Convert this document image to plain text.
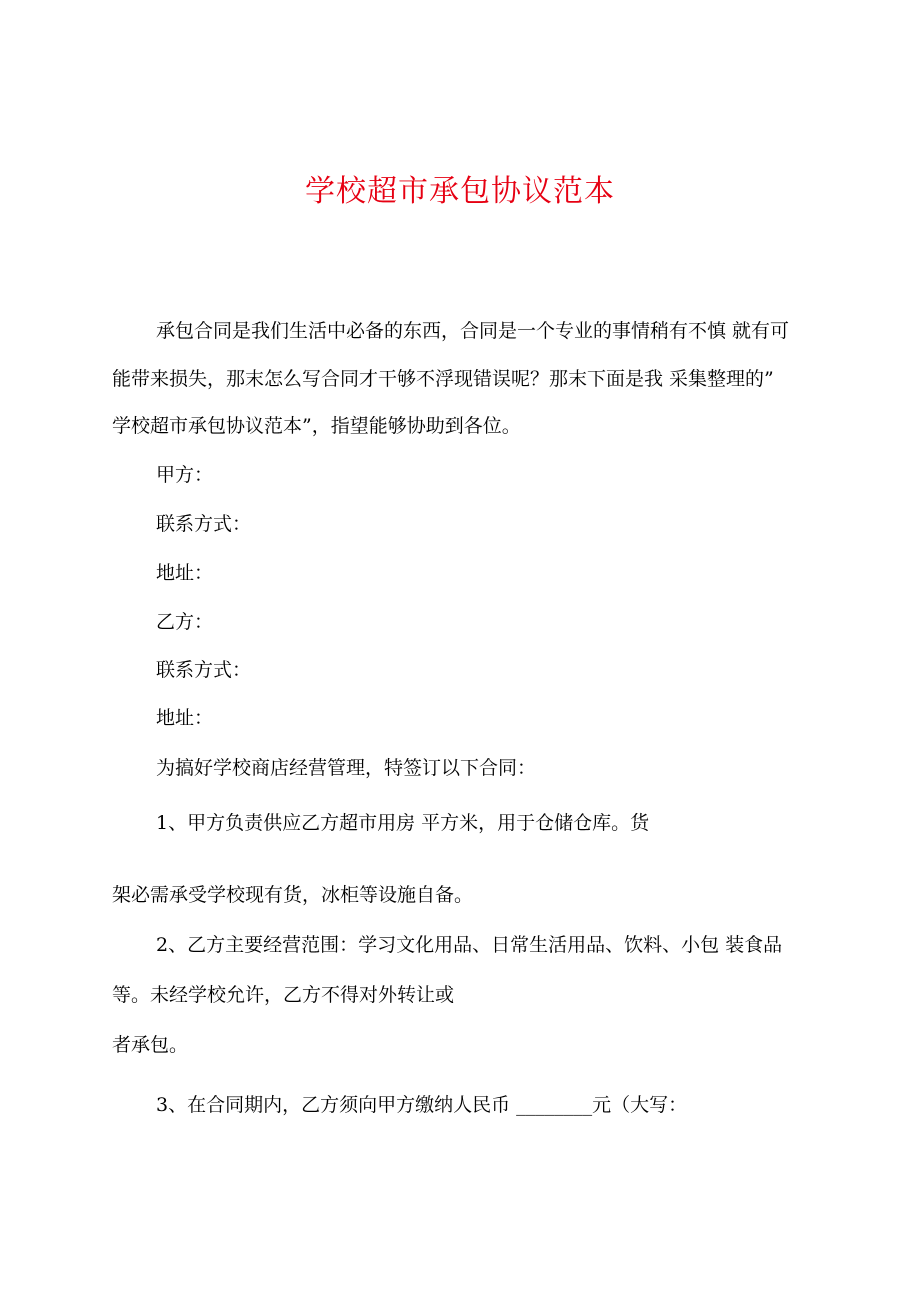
学校超市承包协议范本
承包合同是我们生活中必备的东西，合同是一个专业的事情稍有不慎 就有可
能带来损失，那末怎么写合同才干够不浮现错误呢？那末下面是我 采集整理的”
学校超市承包协议范本”，指望能够协助到各位。
甲方：
联系方式：
地址：
乙方：
联系方式：
地址：
为搞好学校商店经营管理，特签订以下合同：
1、甲方负责供应乙方超市用房 平方米，用于仓储仓库。货
架必需承受学校现有货，冰柜等设施自备。
2、乙方主要经营范围：学习文化用品、日常生活用品、饮料、小包 装食品
等。未经学校允许，乙方不得对外转让或
者承包。
3、在合同期内，乙方须向甲方缴纳人民币 ________元（大写：
